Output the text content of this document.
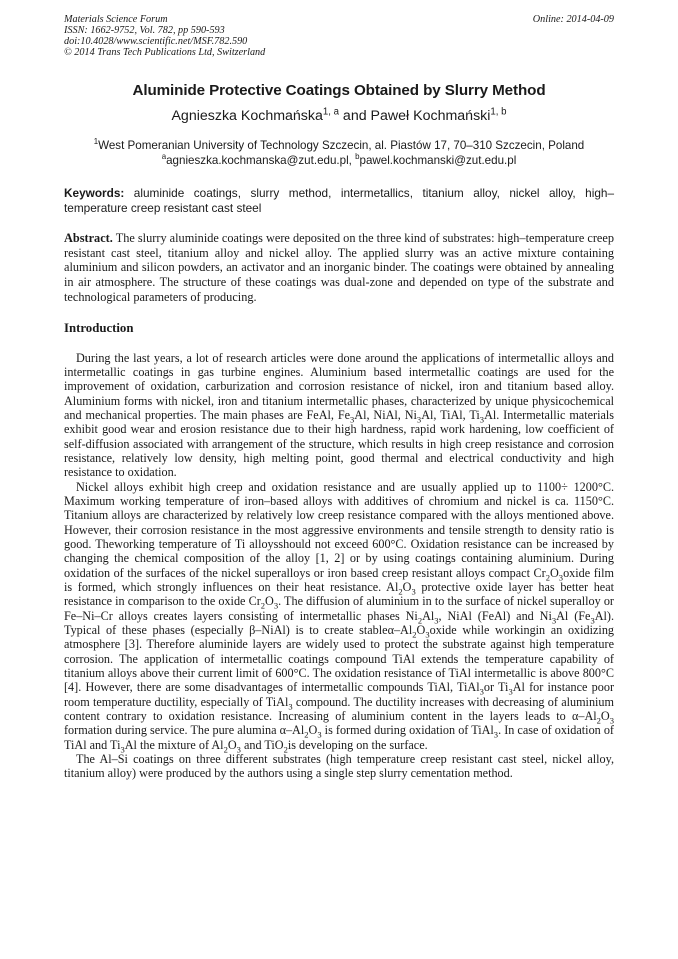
Materials Science Forum
ISSN: 1662-9752, Vol. 782, pp 590-593
doi:10.4028/www.scientific.net/MSF.782.590
© 2014 Trans Tech Publications Ltd, Switzerland
Online: 2014-04-09
Aluminide Protective Coatings Obtained by Slurry Method
Agnieszka Kochmańska$^{1, a}$ and Paweł Kochmański$^{1, b}$
$^1$West Pomeranian University of Technology Szczecin, al. Piastów 17, 70–310 Szczecin, Poland
$^a$agnieszka.kochmanska@zut.edu.pl, $^b$pawel.kochmanski@zut.edu.pl
Keywords: aluminide coatings, slurry method, intermetallics, titanium alloy, nickel alloy, high–temperature creep resistant cast steel
Abstract. The slurry aluminide coatings were deposited on the three kind of substrates: high–temperature creep resistant cast steel, titanium alloy and nickel alloy. The applied slurry was an active mixture containing aluminium and silicon powders, an activator and an inorganic binder. The coatings were obtained by annealing in air atmosphere. The structure of these coatings was dual-zone and depended on type of the substrate and technological parameters of producing.
Introduction

During the last years, a lot of research articles were done around the applications of intermetallic alloys and intermetallic coatings in gas turbine engines. Aluminium based intermetallic coatings are used for the improvement of oxidation, carburization and corrosion resistance of nickel, iron and titanium based alloy. Aluminium forms with nickel, iron and titanium intermetallic phases, characterized by unique physicochemical and mechanical properties. The main phases are FeAl, $Fe_3Al$, NiAl, $Ni_3Al$, TiAl, $Ti_3Al$. Intermetallic materials exhibit good wear and erosion resistance due to their high hardness, rapid work hardening, low coefficient of self-diffusion associated with arrangement of the structure, which results in high creep resistance and corrosion resistance, relatively low density, high melting point, good thermal and electrical conductivity and high resistance to oxidation.

Nickel alloys exhibit high creep and oxidation resistance and are usually applied up to 1100÷ 1200°C. Maximum working temperature of iron–based alloys with additives of chromium and nickel is ca. 1150°C. Titanium alloys are characterized by relatively low creep resistance compared with the alloys mentioned above. However, their corrosion resistance in the most aggressive environments and tensile strength to density ratio is good. Theworking temperature of Ti alloysshould not exceed 600°C. Oxidation resistance can be increased by changing the chemical composition of the alloy [1, 2] or by using coatings containing aluminium. During oxidation of the surfaces of the nickel superalloys or iron based creep resistant alloys compact $Cr_2O_3oxide$ film is formed, which strongly influences on their heat resistance. $Al_2O_3$ protective oxide layer has better heat resistance in comparison to the oxide $Cr_2O_3$. The diffusion of aluminium in to the surface of nickel superalloy or Fe–Ni–Cr alloys creates layers consisting of intermetallic phases $Ni_2Al_3$, NiAl (FeAl) and $Ni_3Al$ $(Fe_3Al)$. Typical of these phases (especially β–NiAl) is to create stableα–$Al_2O_3oxide$ while workingin an oxidizing atmosphere [3]. Therefore aluminide layers are widely used to protect the substrate against high temperature corrosion. The application of intermetallic coatings compound TiAl extends the temperature capability of titanium alloys above their current limit of 600°C. The oxidation resistance of TiAl intermetallic is above 800°C [4]. However, there are some disadvantages of intermetallic compounds TiAl, TiAl$_3$or $Ti_3Al$ for instance poor room temperature ductility, especially of TiAl$_3$ compound. The ductility increases with decreasing of aluminium content contrary to oxidation resistance. Increasing of aluminium content in the layers leads to $\alpha-Al_2O_3$ formation during service. The pure alumina $\alpha-Al_2O_3$ is formed during oxidation of TiAl$_3$. In case of oxidation of TiAl and $Ti_3Al$ the mixture of $Al_2O_3$ and TiO$_2$is developing on the surface.

The Al–Si coatings on three different substrates (high temperature creep resistant cast steel, nickel alloy, titanium alloy) were produced by the authors using a single step slurry cementation method.
